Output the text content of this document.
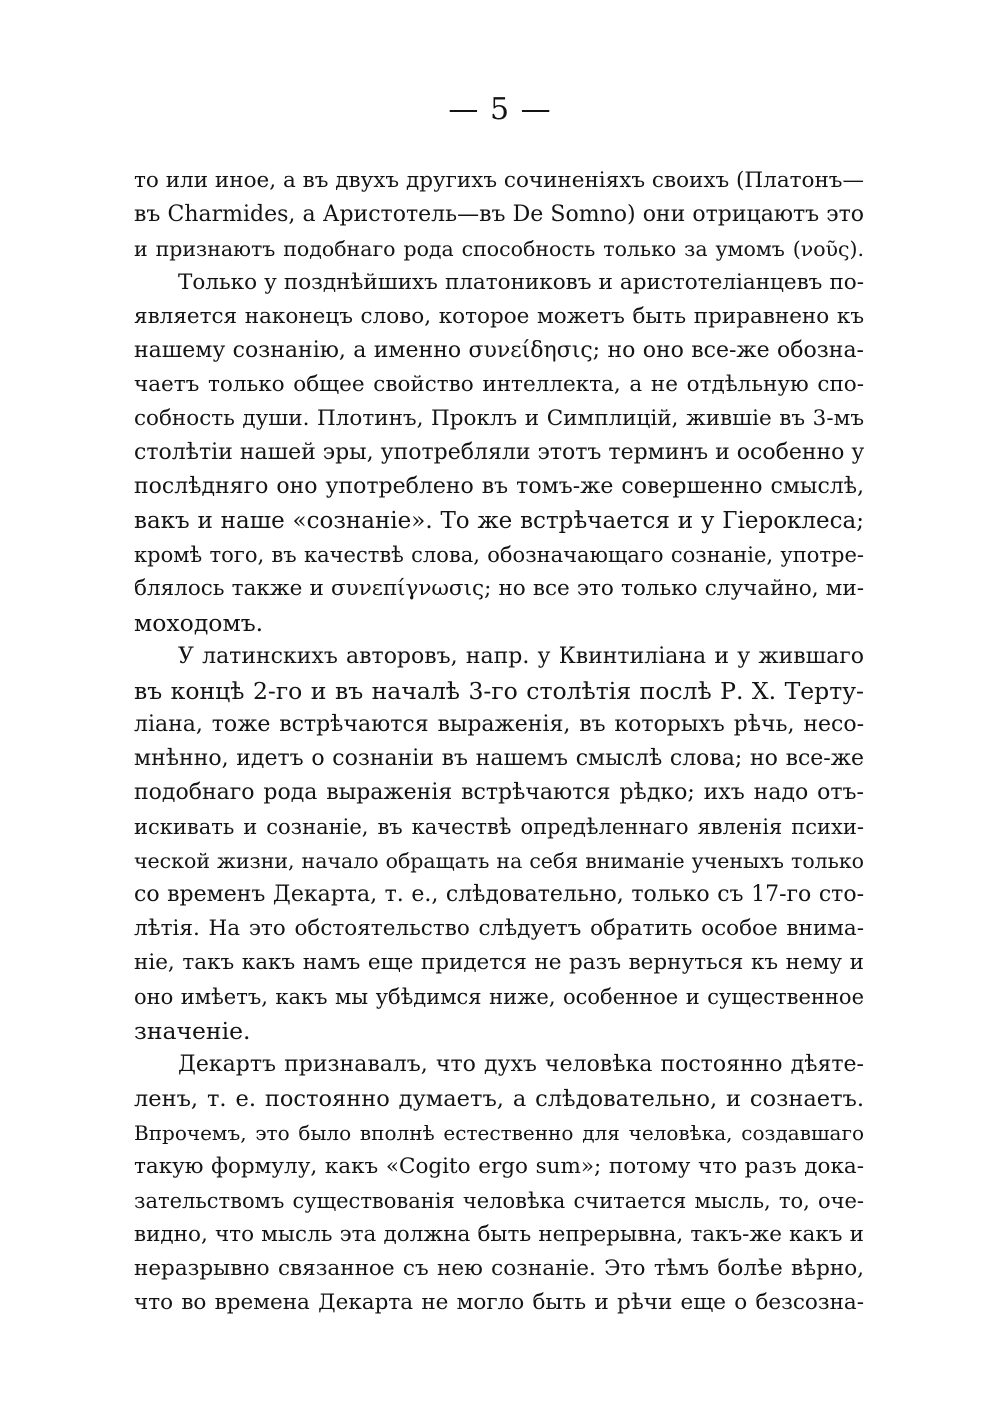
— 5 —
то или иное, а въ двухъ другихъ сочиненіяхъ своихъ (Платонъ—
въ Charmides, а Аристотель—въ De Somno) они отрицаютъ это
и признаютъ подобнаго рода способность только за умомъ (νοῦς).
Только у позднѣйшихъ платониковъ и аристотеліанцевъ по-
является наконецъ слово, которое можетъ быть приравнено къ
нашему сознанію, а именно συνείδησις; но оно все-же обозна-
чаетъ только общее свойство интеллекта, а не отдѣльную спо-
собность души. Плотинъ, Проклъ и Симплицій, жившіе въ 3-мъ
столѣтіи нашей эры, употребляли этотъ терминъ и особенно у
послѣдняго оно употреблено въ томъ-же совершенно смыслѣ,
вакъ и наше «сознаніе». То же встрѣчается и у Гіероклеса;
кромѣ того, въ качествѣ слова, обозначающаго сознаніе, употре-
блялось также и συνεπίγνωσις; но все это только случайно, ми-
моходомъ.
У латинскихъ авторовъ, напр. у Квинтиліана и у жившаго
въ концѣ 2-го и въ началѣ 3-го столѣтія послѣ Р. Х. Терту-
ліана, тоже встрѣчаются выраженія, въ которыхъ рѣчь, несо-
мнѣнно, идетъ о сознаніи въ нашемъ смыслѣ слова; но все-же
подобнаго рода выраженія встрѣчаются рѣдко; ихъ надо отъ-
искивать и сознаніе, въ качествѣ опредѣленнаго явленія психи-
ческой жизни, начало обращать на себя вниманіе ученыхъ только
со временъ Декарта, т. е., слѣдовательно, только съ 17-го сто-
лѣтія. На это обстоятельство слѣдуетъ обратить особое внима-
ніе, такъ какъ намъ еще придется не разъ вернуться къ нему и
оно имѣетъ, какъ мы убѣдимся ниже, особенное и существенное
значеніе.
Декартъ признавалъ, что духъ человѣка постоянно дѣяте-
ленъ, т. е. постоянно думаетъ, а слѣдовательно, и сознаетъ.
Впрочемъ, это было вполнѣ естественно для человѣка, создавшаго
такую формулу, какъ «Cogito ergo sum»; потому что разъ дока-
зательствомъ существованія человѣка считается мысль, то, оче-
видно, что мысль эта должна быть непрерывна, такъ-же какъ и
неразрывно связанное съ нею сознаніе. Это тѣмъ болѣе вѣрно,
что во времена Декарта не могло быть и рѣчи еще о безсозна-
